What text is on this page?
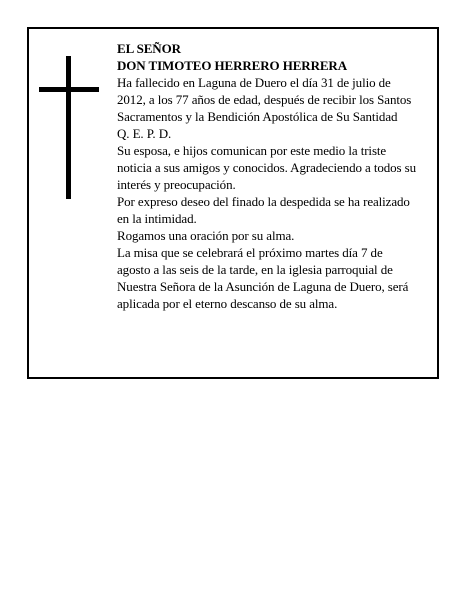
EL SEÑOR

DON TIMOTEO HERRERO HERRERA

Ha fallecido en Laguna de Duero el día 31 de julio de 2012, a los 77 años de edad, después de recibir los Santos Sacramentos y la Bendición Apostólica de Su Santidad

Q. E. P. D.

Su esposa, e hijos comunican por este medio la triste noticia a sus amigos y conocidos. Agradeciendo a todos su interés y preocupación.

Por expreso deseo del finado la despedida se ha realizado en la intimidad.

Rogamos una oración por su alma.

La misa que se celebrará el próximo martes día 7 de agosto a las seis de la tarde, en la iglesia parroquial de Nuestra Señora de la Asunción de Laguna de Duero, será aplicada por el eterno descanso de su alma.
